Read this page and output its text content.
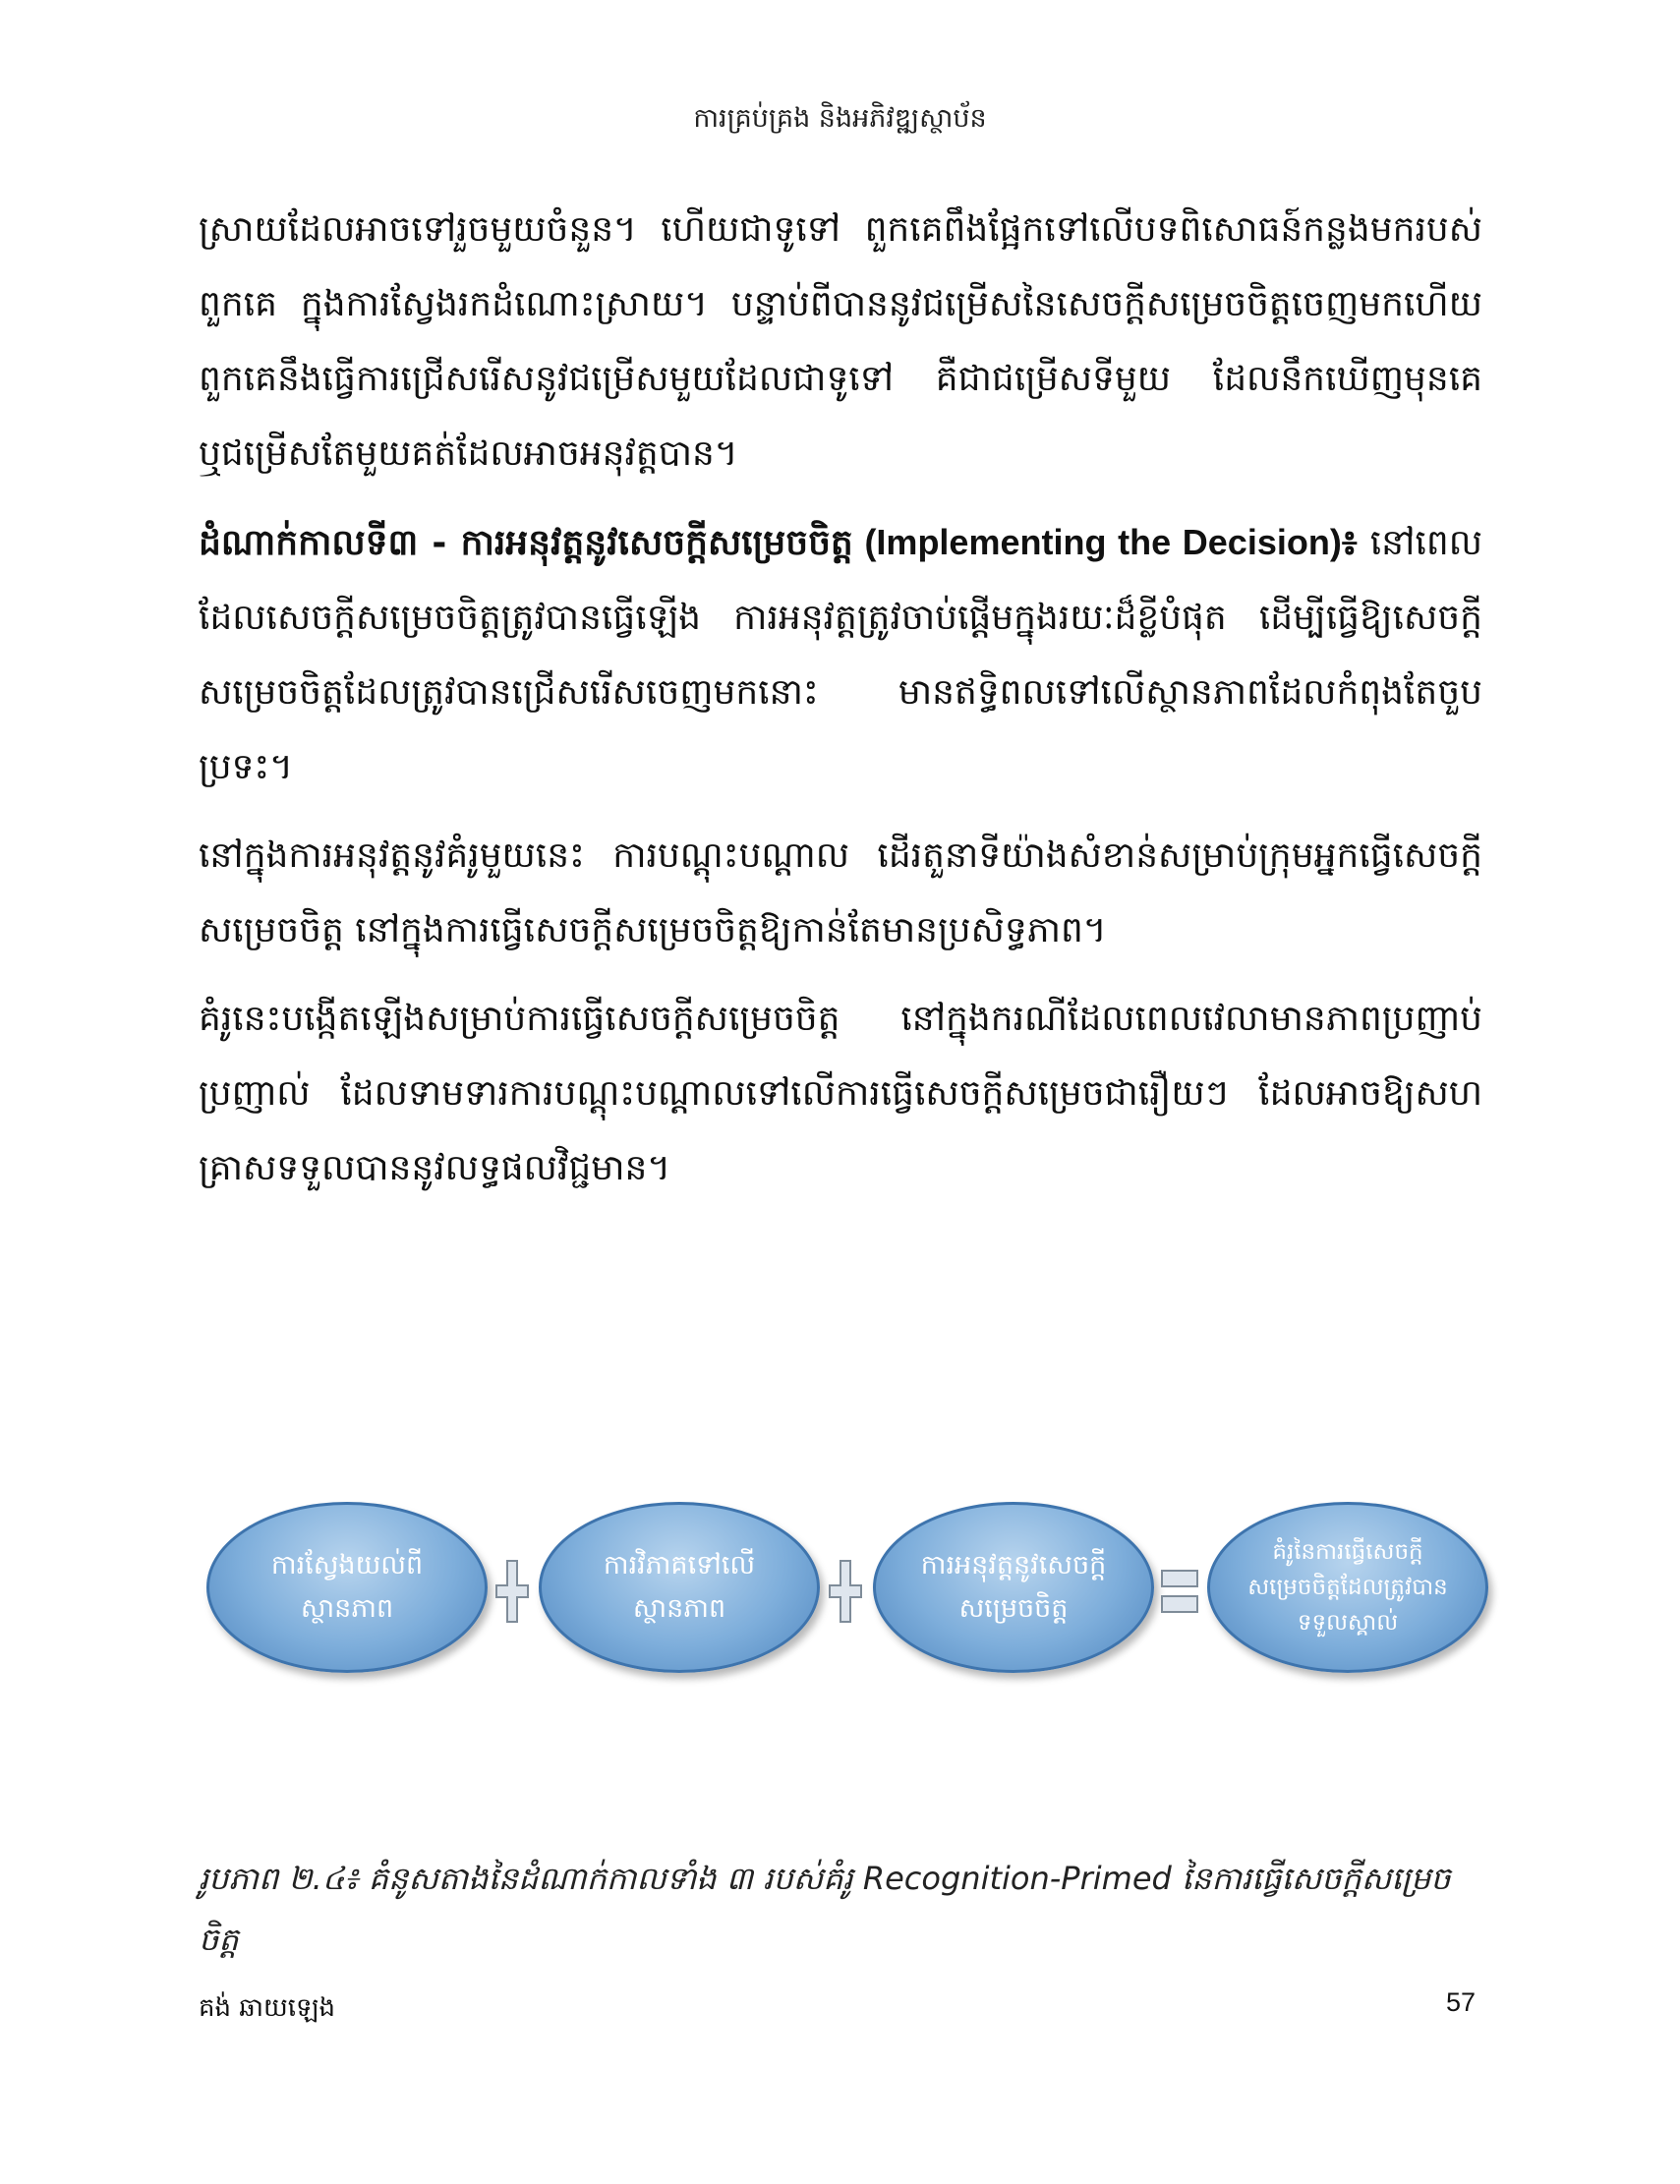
ការគ្រប់គ្រង និងអភិវឌ្ឍស្ថាប័ន

ស្រាយដែលអាចទៅរួចមួយចំនួន។ ហើយជាទូទៅ ពួកគេពឹងផ្អែកទៅលើបទពិសោធន៍កន្លងមករបស់ពួកគេ ក្នុងការស្វែងរកដំណោះស្រាយ។ បន្ទាប់ពីបាននូវជម្រើសនៃសេចក្តីសម្រេចចិត្តចេញមកហើយ ពួកគេនឹងធ្វើការជ្រើសរើសនូវជម្រើសមួយដែលជាទូទៅ គឺជាជម្រើសទីមួយ ដែលនឹកឃើញមុនគេ ឬជម្រើសតែមួយគត់ដែលអាចអនុវត្តបាន។

ដំណាក់កាលទី៣ - ការអនុវត្តនូវសេចក្តីសម្រេចចិត្ត (Implementing the Decision)៖ នៅពេលដែលសេចក្តីសម្រេចចិត្តត្រូវបានធ្វើឡើង ការអនុវត្តត្រូវចាប់ផ្តើមក្នុងរយៈដ៏ខ្លីបំផុត ដើម្បីធ្វើឱ្យសេចក្តីសម្រេចចិត្តដែលត្រូវបានជ្រើសរើសចេញមកនោះ មានឥទ្ធិពលទៅលើស្ថានភាពដែលកំពុងតែចួបប្រទះ។

នៅក្នុងការអនុវត្តនូវគំរូមួយនេះ ការបណ្តុះបណ្តាល ដើរតួនាទីយ៉ាងសំខាន់សម្រាប់ក្រុមអ្នកធ្វើសេចក្តីសម្រេចចិត្ត នៅក្នុងការធ្វើសេចក្តីសម្រេចចិត្តឱ្យកាន់តែមានប្រសិទ្ធភាព។

គំរូនេះបង្កើតឡើងសម្រាប់ការធ្វើសេចក្តីសម្រេចចិត្ត នៅក្នុងករណីដែលពេលវេលាមានភាពប្រញាប់ប្រញាល់ ដែលទាមទារការបណ្តុះបណ្តាលទៅលើការធ្វើសេចក្តីសម្រេចជារឿយៗ ដែលអាចឱ្យសហគ្រាសទទួលបាននូវលទ្ធផលវិជ្ជមាន។

ការស្វែងយល់ពីស្ថានភាព
ការវិភាគទៅលើស្ថានភាព
ការអនុវត្តនូវសេចក្តីសម្រេចចិត្ត
គំរូនៃការធ្វើសេចក្តីសម្រេចចិត្តដែលត្រូវបានទទួលស្គាល់
រូបភាព ២.៤៖ គំនូសតាងនៃដំណាក់កាលទាំង ៣ របស់គំរូ Recognition-Primed នៃការធ្វើសេចក្តីសម្រេចចិត្ត
គង់ ឆាយឡេង	57
